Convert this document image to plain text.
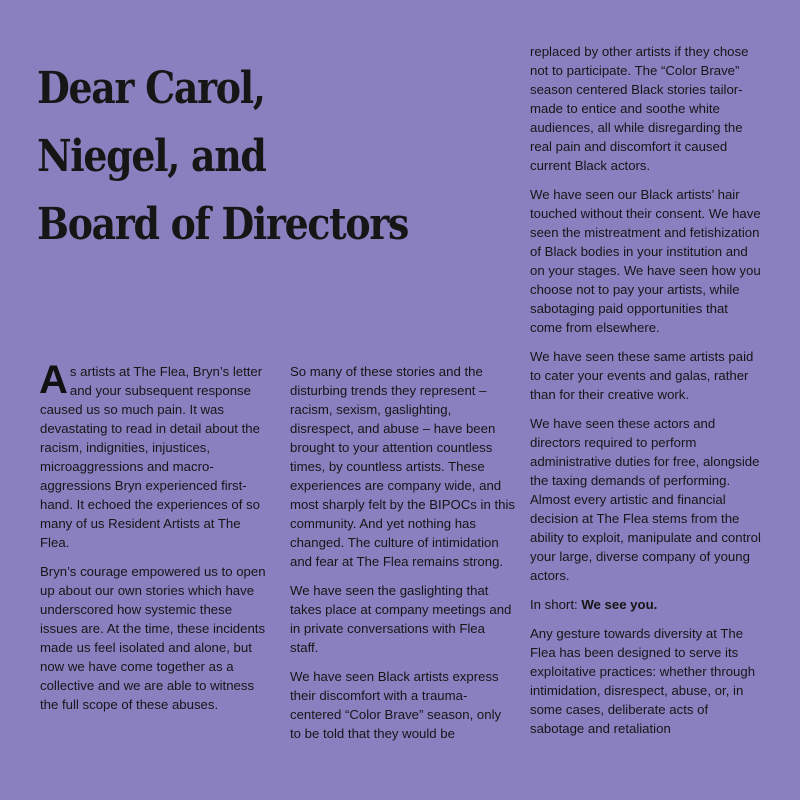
Dear Carol,
Niegel, and
Board of Directors

As artists at The Flea, Bryn’s letter and your subsequent response caused us so much pain. It was devastating to read in detail about the racism, indignities, injustices, microaggressions and macro-aggressions Bryn experienced first-hand. It echoed the experiences of so many of us Resident Artists at The Flea.

Bryn’s courage empowered us to open up about our own stories which have underscored how systemic these issues are. At the time, these incidents made us feel isolated and alone, but now we have come together as a collective and we are able to witness the full scope of these abuses.

So many of these stories and the disturbing trends they represent – racism, sexism, gaslighting, disrespect, and abuse – have been brought to your attention countless times, by countless artists. These experiences are company wide, and most sharply felt by the BIPOCs in this community. And yet nothing has changed. The culture of intimidation and fear at The Flea remains strong.

We have seen the gaslighting that takes place at company meetings and in private conversations with Flea staff.

We have seen Black artists express their discomfort with a trauma-centered “Color Brave” season, only to be told that they would be

replaced by other artists if they chose not to participate. The “Color Brave” season centered Black stories tailor-made to entice and soothe white audiences, all while disregarding the real pain and discomfort it caused current Black actors.

We have seen our Black artists’ hair touched without their consent. We have seen the mistreatment and fetishization of Black bodies in your institution and on your stages. We have seen how you choose not to pay your artists, while sabotaging paid opportunities that come from elsewhere.

We have seen these same artists paid to cater your events and galas, rather than for their creative work.

We have seen these actors and directors required to perform administrative duties for free, alongside the taxing demands of performing. Almost every artistic and financial decision at The Flea stems from the ability to exploit, manipulate and control your large, diverse company of young actors.

In short: We see you.

Any gesture towards diversity at The Flea has been designed to serve its exploitative practices: whether through intimidation, disrespect, abuse, or, in some cases, deliberate acts of sabotage and retaliation
